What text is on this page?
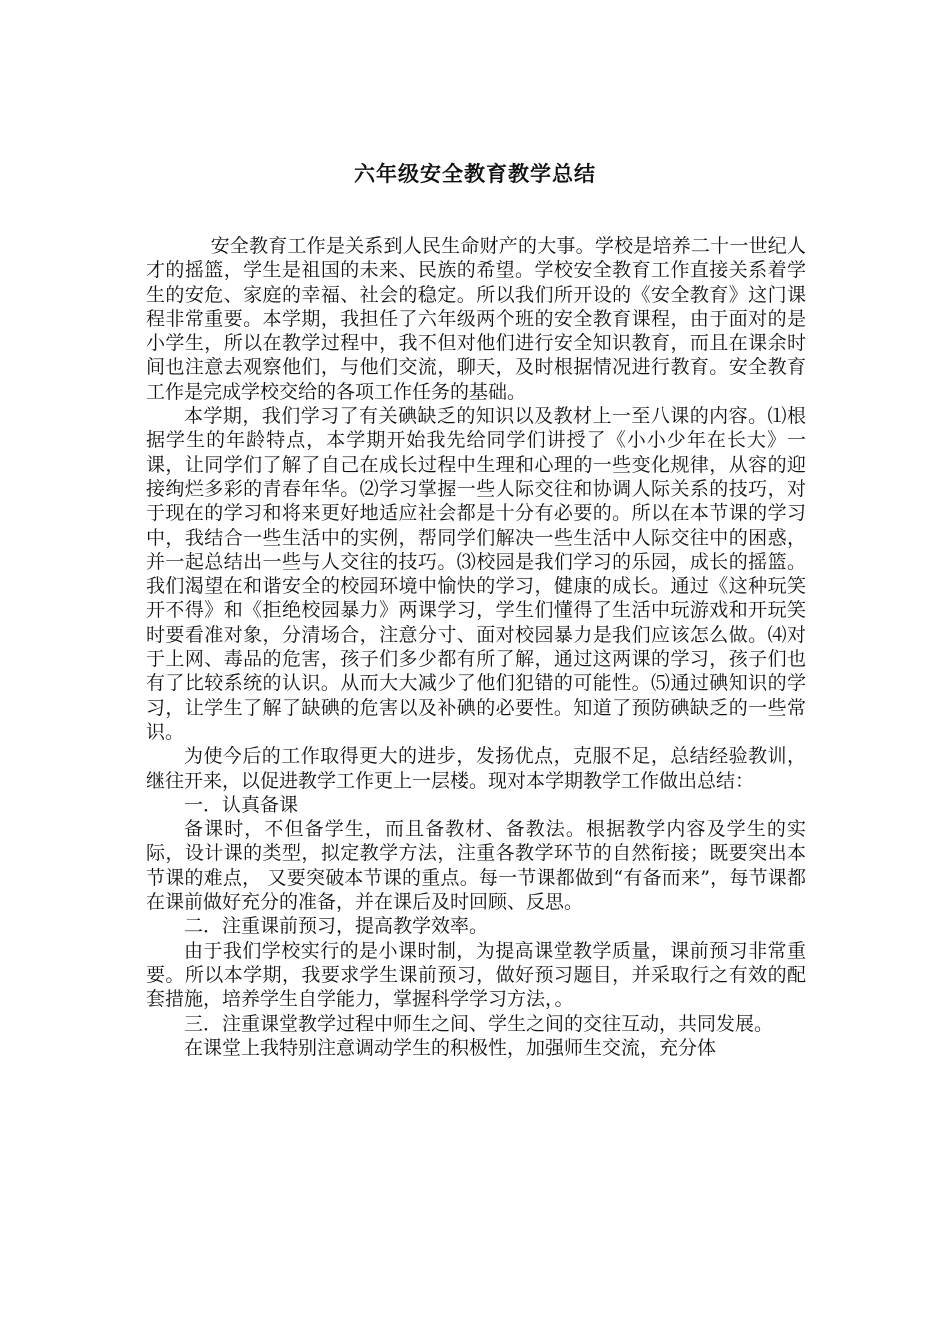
六年级安全教育教学总结

安全教育工作是关系到人民生命财产的大事。学校是培养二十一世纪人才的摇篮，学生是祖国的未来、民族的希望。学校安全教育工作直接关系着学生的安危、家庭的幸福、社会的稳定。所以我们所开设的《安全教育》这门课程非常重要。本学期，我担任了六年级两个班的安全教育课程，由于面对的是小学生，所以在教学过程中，我不但对他们进行安全知识教育，而且在课余时间也注意去观察他们，与他们交流，聊天，及时根据情况进行教育。安全教育工作是完成学校交给的各项工作任务的基础。

本学期，我们学习了有关碘缺乏的知识以及教材上一至八课的内容。⑴根据学生的年龄特点，本学期开始我先给同学们讲授了《小小少年在长大》一课，让同学们了解了自己在成长过程中生理和心理的一些变化规律，从容的迎接绚烂多彩的青春年华。⑵学习掌握一些人际交往和协调人际关系的技巧，对于现在的学习和将来更好地适应社会都是十分有必要的。所以在本节课的学习中，我结合一些生活中的实例，帮同学们解决一些生活中人际交往中的困惑，并一起总结出一些与人交往的技巧。⑶校园是我们学习的乐园，成长的摇篮。我们渴望在和谐安全的校园环境中愉快的学习，健康的成长。通过《这种玩笑开不得》和《拒绝校园暴力》两课学习，学生们懂得了生活中玩游戏和开玩笑时要看准对象，分清场合，注意分寸、面对校园暴力是我们应该怎么做。⑷对于上网、毒品的危害，孩子们多少都有所了解，通过这两课的学习，孩子们也有了比较系统的认识。从而大大减少了他们犯错的可能性。⑸通过碘知识的学习，让学生了解了缺碘的危害以及补碘的必要性。知道了预防碘缺乏的一些常识。

为使今后的工作取得更大的进步，发扬优点，克服不足，总结经验教训，继往开来，以促进教学工作更上一层楼。现对本学期教学工作做出总结：

一．认真备课

备课时，不但备学生，而且备教材、备教法。根据教学内容及学生的实际，设计课的类型，拟定教学方法，注重各教学环节的自然衔接；既要突出本节课的难点， 又要突破本节课的重点。每一节课都做到“有备而来”，每节课都在课前做好充分的准备，并在课后及时回顾、反思。

二．注重课前预习，提高教学效率。

由于我们学校实行的是小课时制，为提高课堂教学质量，课前预习非常重要。所以本学期，我要求学生课前预习，做好预习题目，并采取行之有效的配套措施，培养学生自学能力，掌握科学学习方法，。

三．注重课堂教学过程中师生之间、学生之间的交往互动，共同发展。

在课堂上我特别注意调动学生的积极性，加强师生交流，充分体
